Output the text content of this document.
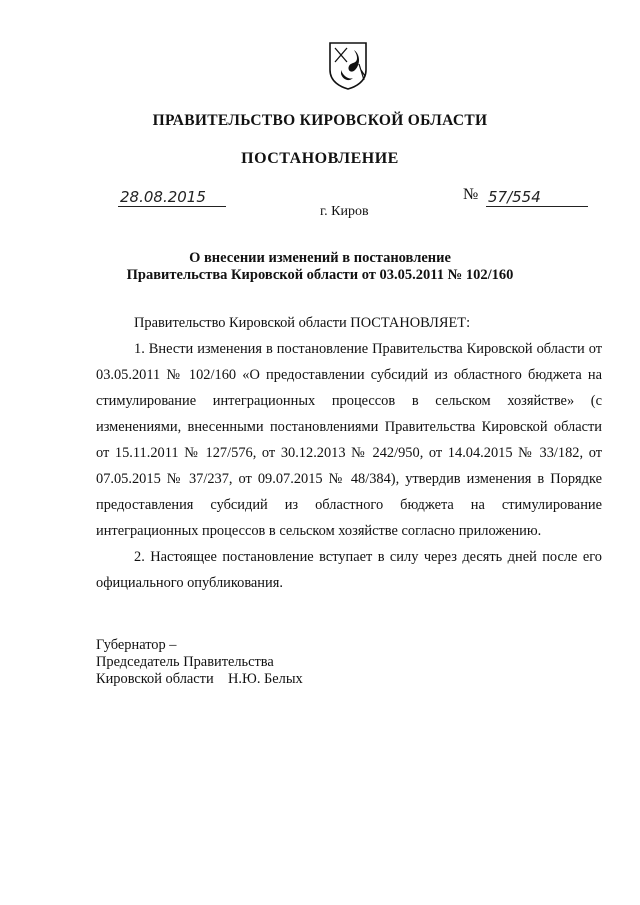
ПРАВИТЕЛЬСТВО КИРОВСКОЙ ОБЛАСТИ
ПОСТАНОВЛЕНИЕ
28.08.2015	№ 57/554
г. Киров
О внесении изменений в постановление
Правительства Кировской области от 03.05.2011 № 102/160

Правительство Кировской области ПОСТАНОВЛЯЕТ:

1. Внести изменения в постановление Правительства Кировской области от 03.05.2011 № 102/160 «О предоставлении субсидий из областного бюджета на стимулирование интеграционных процессов в сельском хозяйстве» (с изменениями, внесенными постановлениями Правительства Кировской области от 15.11.2011 № 127/576, от 30.12.2013 № 242/950, от 14.04.2015 № 33/182, от 07.05.2015 № 37/237, от 09.07.2015 № 48/384), утвердив изменения в Порядке предоставления субсидий из областного бюджета на стимулирование интеграционных процессов в сельском хозяйстве согласно приложению.

2. Настоящее постановление вступает в силу через десять дней после его официального опубликования.

Губернатор –
Председатель Правительства
Кировской области    Н.Ю. Белых
